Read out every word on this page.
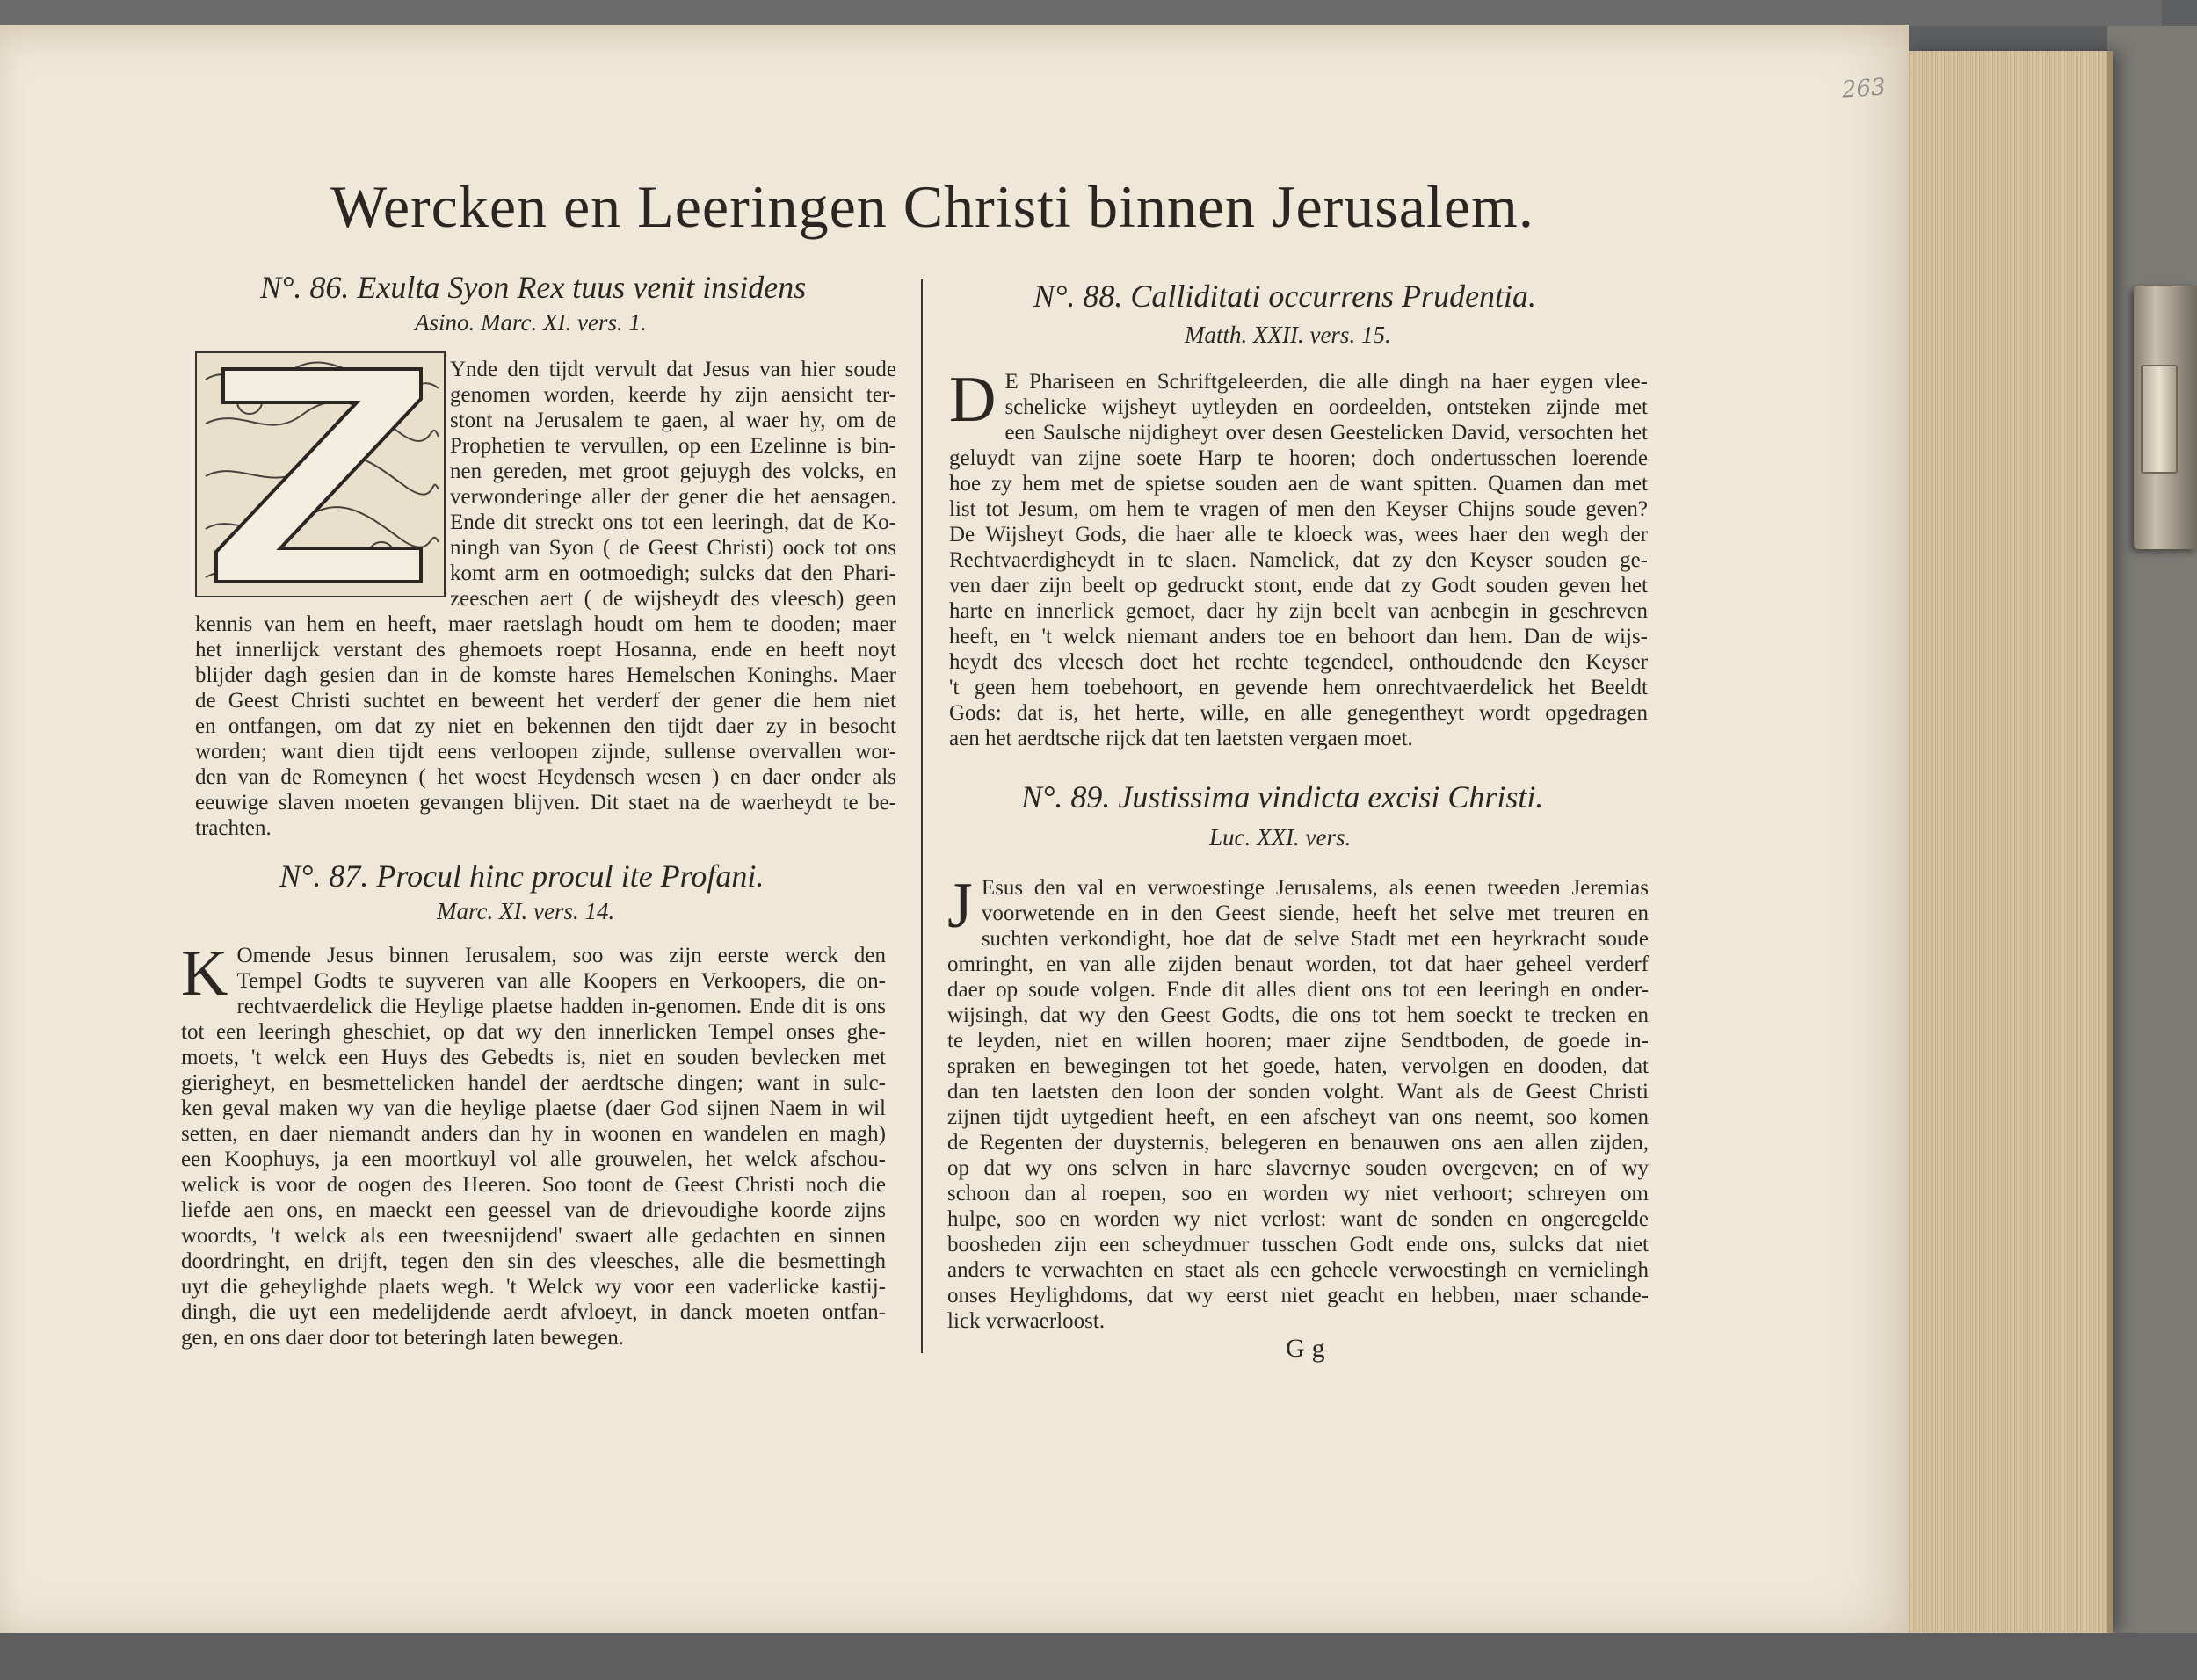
263
Wercken en Leeringen Christi binnen Jerusalem.
N°. 86. Exulta Syon Rex tuus venit insidens
Asino. Marc. XI. vers. 1.

Ynde den tijdt vervult dat Jesus van hier soude

genomen worden, keerde hy zijn aensicht ter-

stont na Jerusalem te gaen, al waer hy, om de

Prophetien te vervullen, op een Ezelinne is bin-

nen gereden, met groot gejuygh des volcks, en

verwonderinge aller der gener die het aensagen.

Ende dit streckt ons tot een leeringh, dat de Ko-

ningh van Syon ( de Geest Christi) oock tot ons

komt arm en ootmoedigh; sulcks dat den Phari-

zeeschen aert ( de wijsheydt des vleesch) geen

kennis van hem en heeft, maer raetslagh houdt om hem te dooden; maer

het innerlijck verstant des ghemoets roept Hosanna, ende en heeft noyt

blijder dagh gesien dan in de komste hares Hemelschen Koninghs. Maer

de Geest Christi suchtet en beweent het verderf der gener die hem niet

en ontfangen, om dat zy niet en bekennen den tijdt daer zy in besocht

worden; want dien tijdt eens verloopen zijnde, sullense overvallen wor-

den van de Romeynen ( het woest Heydensch wesen ) en daer onder als

eeuwige slaven moeten gevangen blijven. Dit staet na de waerheydt te be-

trachten.

N°. 87. Procul hinc procul ite Profani.
Marc. XI. vers. 14.
K Omende Jesus binnen Ierusalem, soo was zijn eerste werck den

Tempel Godts te suyveren van alle Koopers en Verkoopers, die on-

rechtvaerdelick die Heylige plaetse hadden in-genomen. Ende dit is ons

tot een leeringh gheschiet, op dat wy den innerlicken Tempel onses ghe-

moets, 't welck een Huys des Gebedts is, niet en souden bevlecken met

gierigheyt, en besmettelicken handel der aerdtsche dingen; want in sulc-

ken geval maken wy van die heylige plaetse (daer God sijnen Naem in wil

setten, en daer niemandt anders dan hy in woonen en wandelen en magh)

een Koophuys, ja een moortkuyl vol alle grouwelen, het welck afschou-

welick is voor de oogen des Heeren. Soo toont de Geest Christi noch die

liefde aen ons, en maeckt een geessel van de drievoudighe koorde zijns

woordts, 't welck als een tweesnijdend' swaert alle gedachten en sinnen

doordringht, en drijft, tegen den sin des vleesches, alle die besmettingh

uyt die geheylighde plaets wegh. 't Welck wy voor een vaderlicke kastij-

dingh, die uyt een medelijdende aerdt afvloeyt, in danck moeten ontfan-

gen, en ons daer door tot beteringh laten bewegen.

N°. 88. Calliditati occurrens Prudentia.
Matth. XXII. vers. 15.
D E Phariseen en Schriftgeleerden, die alle dingh na haer eygen vlee-

schelicke wijsheyt uytleyden en oordeelden, ontsteken zijnde met

een Saulsche nijdigheyt over desen Geestelicken David, versochten het

geluydt van zijne soete Harp te hooren; doch ondertusschen loerende

hoe zy hem met de spietse souden aen de want spitten. Quamen dan met

list tot Jesum, om hem te vragen of men den Keyser Chijns soude geven?

De Wijsheyt Gods, die haer alle te kloeck was, wees haer den wegh der

Rechtvaerdigheydt in te slaen. Namelick, dat zy den Keyser souden ge-

ven daer zijn beelt op gedruckt stont, ende dat zy Godt souden geven het

harte en innerlick gemoet, daer hy zijn beelt van aenbegin in geschreven

heeft, en 't welck niemant anders toe en behoort dan hem. Dan de wijs-

heydt des vleesch doet het rechte tegendeel, onthoudende den Keyser

't geen hem toebehoort, en gevende hem onrechtvaerdelick het Beeldt

Gods: dat is, het herte, wille, en alle genegentheyt wordt opgedragen

aen het aerdtsche rijck dat ten laetsten vergaen moet.

N°. 89. Justissima vindicta excisi Christi.
Luc. XXI. vers.
J Esus den val en verwoestinge Jerusalems, als eenen tweeden Jeremias

voorwetende en in den Geest siende, heeft het selve met treuren en

suchten verkondight, hoe dat de selve Stadt met een heyrkracht soude

omringht, en van alle zijden benaut worden, tot dat haer geheel verderf

daer op soude volgen. Ende dit alles dient ons tot een leeringh en onder-

wijsingh, dat wy den Geest Godts, die ons tot hem soeckt te trecken en

te leyden, niet en willen hooren; maer zijne Sendtboden, de goede in-

spraken en bewegingen tot het goede, haten, vervolgen en dooden, dat

dan ten laetsten den loon der sonden volght. Want als de Geest Christi

zijnen tijdt uytgedient heeft, en een afscheyt van ons neemt, soo komen

de Regenten der duysternis, belegeren en benauwen ons aen allen zijden,

op dat wy ons selven in hare slavernye souden overgeven; en of wy

schoon dan al roepen, soo en worden wy niet verhoort; schreyen om

hulpe, soo en worden wy niet verlost: want de sonden en ongeregelde

boosheden zijn een scheydmuer tusschen Godt ende ons, sulcks dat niet

anders te verwachten en staet als een geheele verwoestingh en vernielingh

onses Heylighdoms, dat wy eerst niet geacht en hebben, maer schande-

lick verwaerloost.

Gg
